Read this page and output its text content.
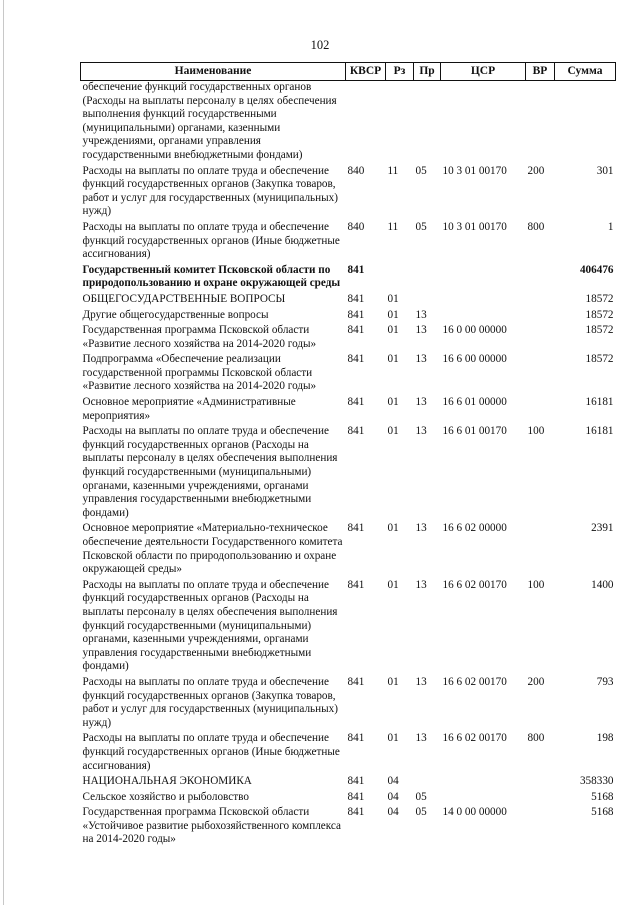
102
Наименование	КВСР	Рз	Пр	ЦСР	ВР	Сумма
обеспечение функций государственных органов (Расходы на выплаты персоналу в целях обеспечения выполнения функций государственными (муниципальными) органами, казенными учреждениями, органами управления государственными внебюджетными фондами)						
Расходы на выплаты по оплате труда и обеспечение функций государственных органов (Закупка товаров, работ и услуг для государственных (муниципальных) нужд)	840	11	05	10 3 01 00170	200	301
Расходы на выплаты по оплате труда и обеспечение функций государственных органов (Иные бюджетные ассигнования)	840	11	05	10 3 01 00170	800	1
Государственный комитет Псковской области по природопользованию и охране окружающей среды	841					406476
ОБЩЕГОСУДАРСТВЕННЫЕ ВОПРОСЫ	841	01				18572
Другие общегосударственные вопросы	841	01	13			18572
Государственная программа Псковской области «Развитие лесного хозяйства на 2014-2020 годы»	841	01	13	16 0 00 00000		18572
Подпрограмма «Обеспечение реализации государственной программы Псковской области «Развитие лесного хозяйства на 2014-2020 годы»	841	01	13	16 6 00 00000		18572
Основное мероприятие «Административные мероприятия»	841	01	13	16 6 01 00000		16181
Расходы на выплаты по оплате труда и обеспечение функций государственных органов (Расходы на выплаты персоналу в целях обеспечения выполнения функций государственными (муниципальными) органами, казенными учреждениями, органами управления государственными внебюджетными фондами)	841	01	13	16 6 01 00170	100	16181
Основное мероприятие «Материально-техническое обеспечение деятельности Государственного комитета Псковской области по природопользованию и охране окружающей среды»	841	01	13	16 6 02 00000		2391
Расходы на выплаты по оплате труда и обеспечение функций государственных органов (Расходы на выплаты персоналу в целях обеспечения выполнения функций государственными (муниципальными) органами, казенными учреждениями, органами управления государственными внебюджетными фондами)	841	01	13	16 6 02 00170	100	1400
Расходы на выплаты по оплате труда и обеспечение функций государственных органов (Закупка товаров, работ и услуг для государственных (муниципальных) нужд)	841	01	13	16 6 02 00170	200	793
Расходы на выплаты по оплате труда и обеспечение функций государственных органов (Иные бюджетные ассигнования)	841	01	13	16 6 02 00170	800	198
НАЦИОНАЛЬНАЯ ЭКОНОМИКА	841	04				358330
Сельское хозяйство и рыболовство	841	04	05			5168
Государственная программа Псковской области «Устойчивое развитие рыбохозяйственного комплекса на 2014-2020 годы»	841	04	05	14 0 00 00000		5168
